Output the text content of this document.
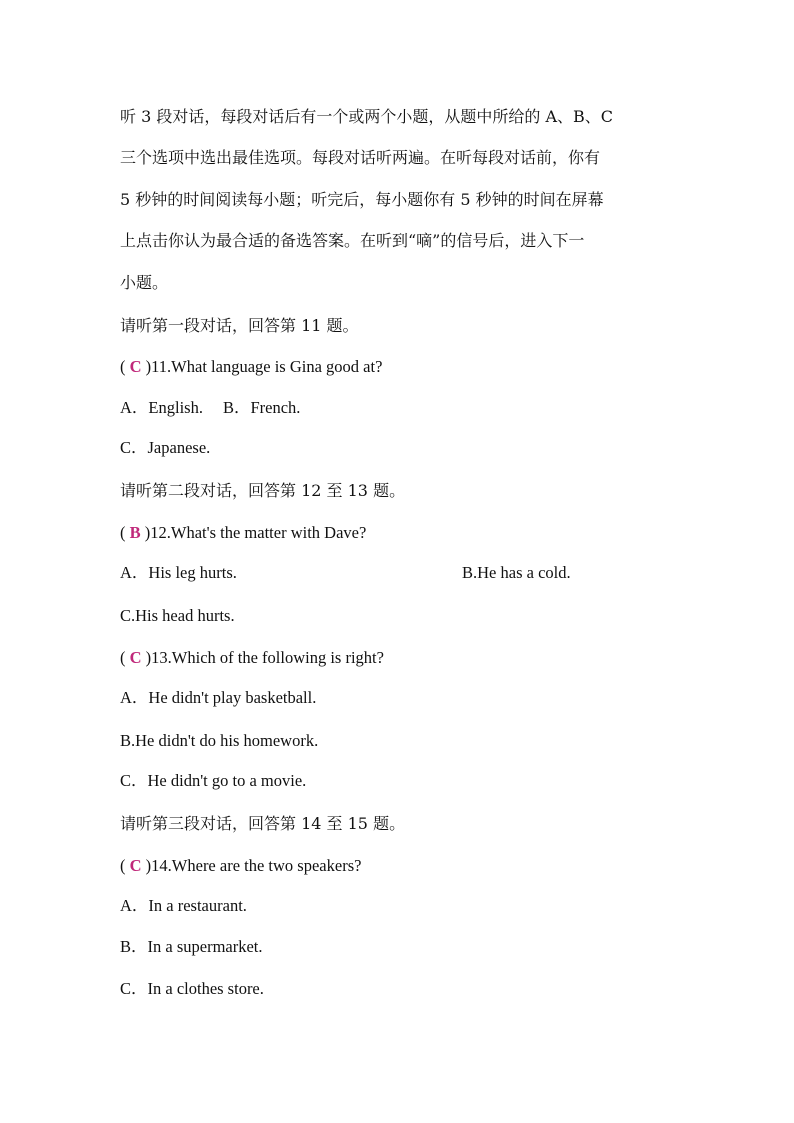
听 3 段对话，每段对话后有一个或两个小题，从题中所给的 A、B、C
三个选项中选出最佳选项。每段对话听两遍。在听每段对话前，你有
5 秒钟的时间阅读每小题；听完后，每小题你有 5 秒钟的时间在屏幕
上点击你认为最合适的备选答案。在听到“嘀”的信号后，进入下一
小题。
请听第一段对话，回答第 11 题。
( C )11.What language is Gina good at?
A．English. B．French.
C．Japanese.
请听第二段对话，回答第 12 至 13 题。
( B )12.What's the matter with Dave?
A．His leg hurts.	B.He has a cold.
C.His head hurts.
( C )13.Which of the following is right?
A．He didn't play basketball.
B.He didn't do his homework.
C．He didn't go to a movie.
请听第三段对话，回答第 14 至 15 题。
( C )14.Where are the two speakers?
A．In a restaurant.
B．In a supermarket.
C．In a clothes store.
